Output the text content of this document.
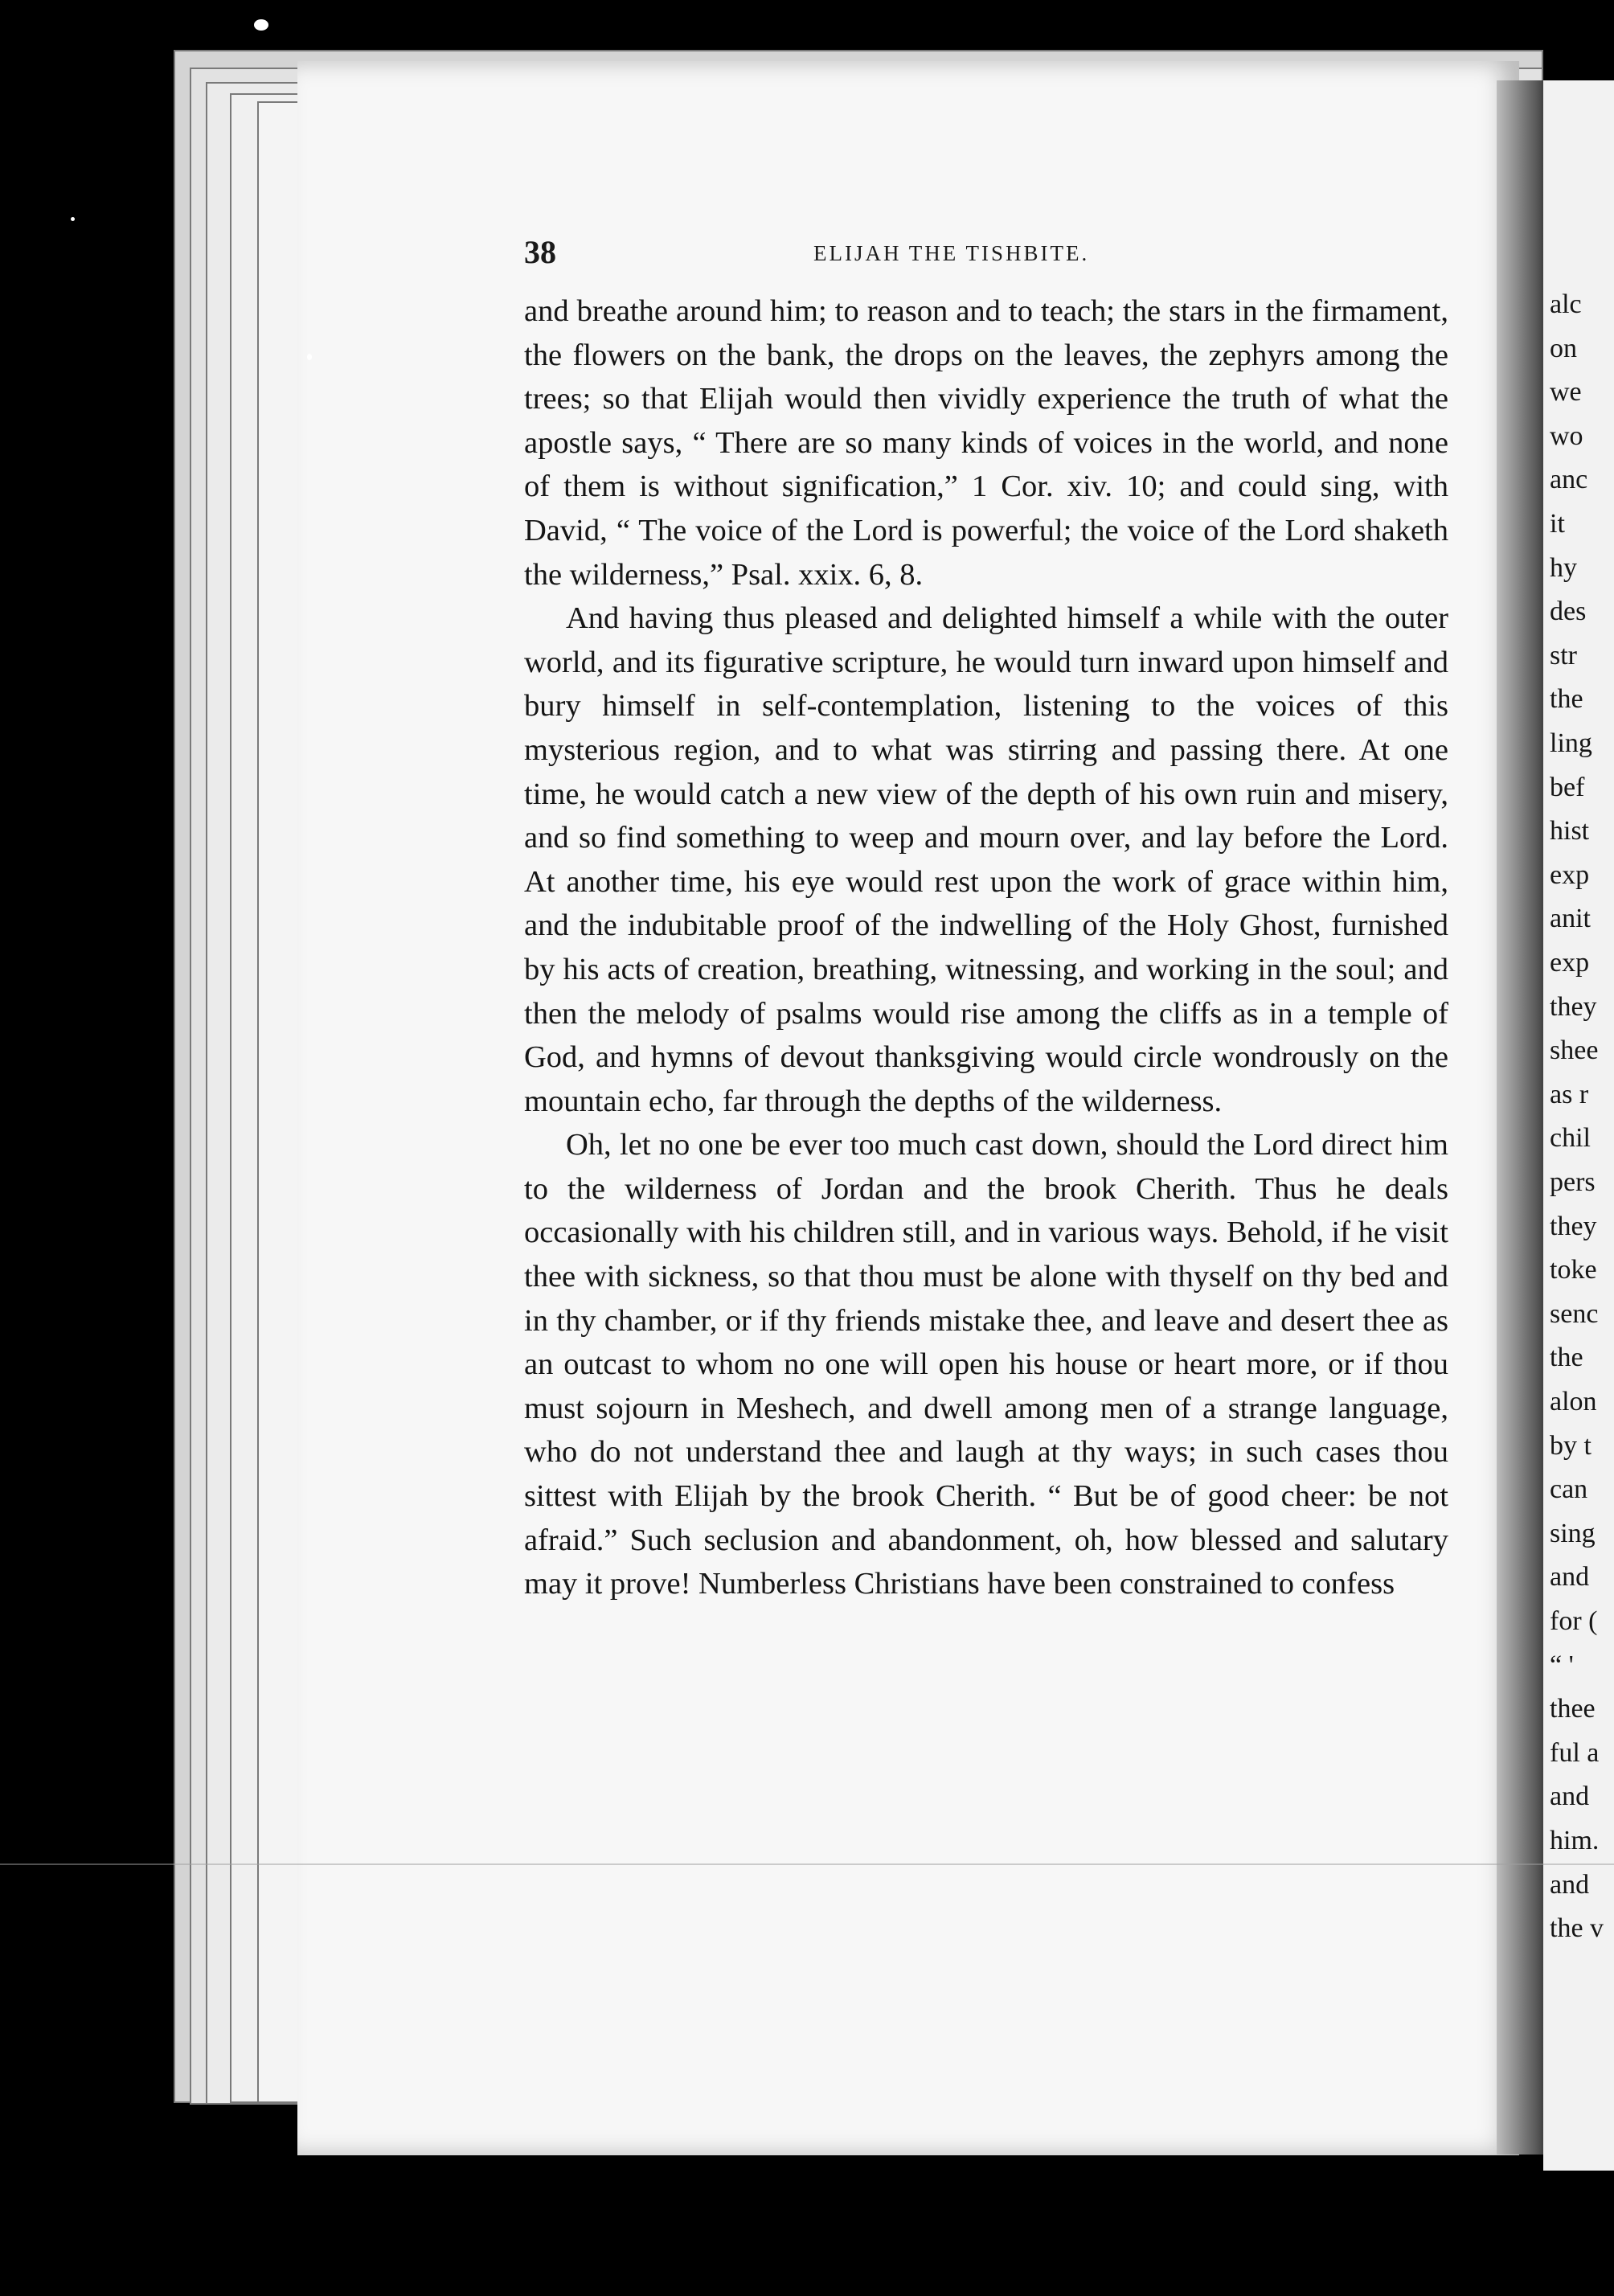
alc
on
we
wo
anc
it
hy
des
str
the
ling
bef
hist
exp
anit
exp
they
shee
as r
chil
pers
they
toke
senc
the
alon
by t
can
sing
and
for (
“ '
thee
ful a
and
him.
and
the v
38	ELIJAH THE TISHBITE.

and breathe around him; to reason and to teach; the stars in the firmament, the flowers on the bank, the drops on the leaves, the zephyrs among the trees; so that Elijah would then vividly experience the truth of what the apostle says, “ There are so many kinds of voices in the world, and none of them is without signification,” 1 Cor. xiv. 10; and could sing, with David, “ The voice of the Lord is powerful; the voice of the Lord shaketh the wilderness,” Psal. xxix. 6, 8.

And having thus pleased and delighted himself a while with the outer world, and its figurative scripture, he would turn inward upon himself and bury himself in self-contemplation, listening to the voices of this mysterious region, and to what was stirring and passing there. At one time, he would catch a new view of the depth of his own ruin and misery, and so find something to weep and mourn over, and lay before the Lord. At another time, his eye would rest upon the work of grace within him, and the indubitable proof of the indwelling of the Holy Ghost, furnished by his acts of creation, breathing, witnessing, and working in the soul; and then the melody of psalms would rise among the cliffs as in a temple of God, and hymns of devout thanksgiving would circle wondrously on the mountain echo, far through the depths of the wilderness.

Oh, let no one be ever too much cast down, should the Lord direct him to the wilderness of Jordan and the brook Cherith. Thus he deals occasionally with his children still, and in various ways. Behold, if he visit thee with sickness, so that thou must be alone with thyself on thy bed and in thy chamber, or if thy friends mistake thee, and leave and desert thee as an outcast to whom no one will open his house or heart more, or if thou must sojourn in Meshech, and dwell among men of a strange language, who do not understand thee and laugh at thy ways; in such cases thou sittest with Elijah by the brook Cherith. “ But be of good cheer: be not afraid.” Such seclusion and abandonment, oh, how blessed and salutary may it prove! Numberless Christians have been constrained to confess
